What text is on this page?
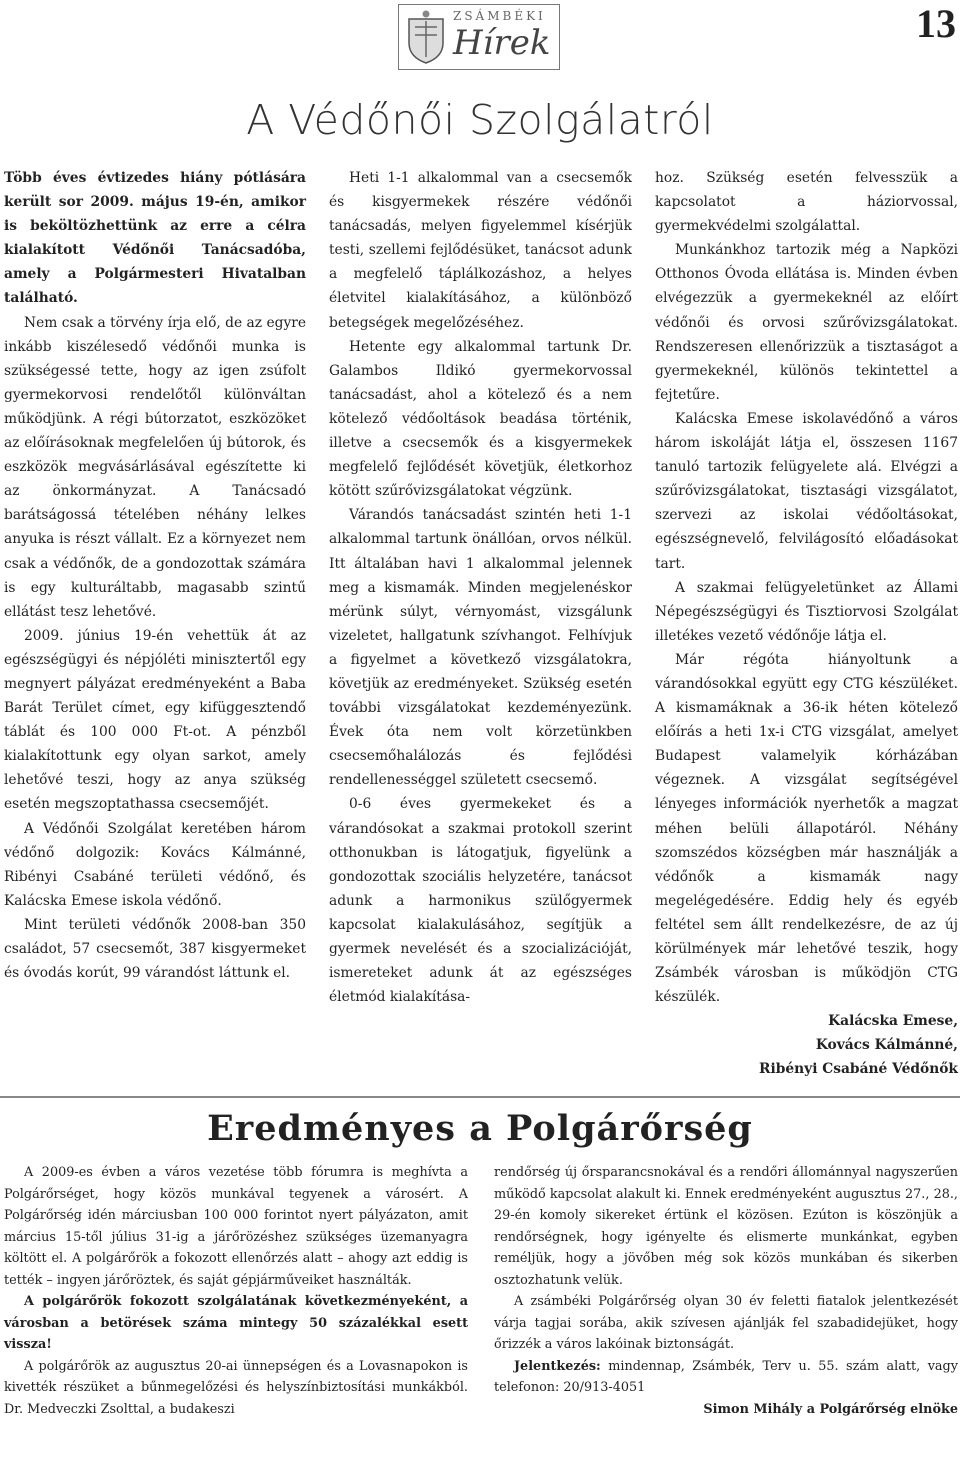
ZSÁMBÉKI
Hírek	13
A Védőnői Szolgálatról

Több éves évtizedes hiány pótlására került sor 2009. május 19-én, amikor is beköltözhettünk az erre a célra kialakított Védőnői Tanácsadóba, amely a Polgármesteri Hivatalban található.

Nem csak a törvény írja elő, de az egyre inkább kiszélesedő védőnői munka is szükségessé tette, hogy az igen zsúfolt gyermekorvosi rendelőtől különváltan működjünk. A régi bútorzatot, eszközöket az előírásoknak megfelelően új bútorok, és eszközök megvásárlásával egészítette ki az önkormányzat. A Tanácsadó barátságossá tételében néhány lelkes anyuka is részt vállalt. Ez a környezet nem csak a védőnők, de a gondozottak számára is egy kulturáltabb, magasabb szintű ellátást tesz lehetővé.

2009. június 19-én vehettük át az egészségügyi és népjóléti minisztertől egy megnyert pályázat eredményeként a Baba Barát Terület címet, egy kifüggesztendő táblát és 100 000 Ft-ot. A pénzből kialakítottunk egy olyan sarkot, amely lehetővé teszi, hogy az anya szükség esetén megszoptathassa csecsemőjét.

A Védőnői Szolgálat keretében három védőnő dolgozik: Kovács Kálmánné, Ribényi Csabáné területi védőnő, és Kalácska Emese iskola védőnő.

Mint területi védőnők 2008-ban 350 családot, 57 csecsemőt, 387 kisgyermeket és óvodás korút, 99 várandóst láttunk el.

Heti 1-1 alkalommal van a csecsemők és kisgyermekek részére védőnői tanácsadás, melyen figyelemmel kísérjük testi, szellemi fejlődésüket, tanácsot adunk a megfelelő táplálkozáshoz, a helyes életvitel kialakításához, a különböző betegségek megelőzéséhez.

Hetente egy alkalommal tartunk Dr. Galambos Ildikó gyermekorvossal tanácsadást, ahol a kötelező és a nem kötelező védőoltások beadása történik, illetve a csecsemők és a kisgyermekek megfelelő fejlődését követjük, életkorhoz kötött szűrővizsgálatokat végzünk.

Várandós tanácsadást szintén heti 1-1 alkalommal tartunk önállóan, orvos nélkül. Itt általában havi 1 alkalommal jelennek meg a kismamák. Minden megjelenéskor mérünk súlyt, vérnyomást, vizsgálunk vizeletet, hallgatunk szívhangot. Felhívjuk a figyelmet a következő vizsgálatokra, követjük az eredményeket. Szükség esetén további vizsgálatokat kezdeményezünk. Évek óta nem volt körzetünkben csecsemőhalálozás és fejlődési rendellenességgel született csecsemő.

0-6 éves gyermekeket és a várandósokat a szakmai protokoll szerint otthonukban is látogatjuk, figyelünk a gondozottak szociális helyzetére, tanácsot adunk a harmonikus szülőgyermek kapcsolat kialakulásához, segítjük a gyermek nevelését és a szocializációját, ismereteket adunk át az egészséges életmód kialakítása-

hoz. Szükség esetén felvesszük a kapcsolatot a háziorvossal, gyermekvédelmi szolgálattal.

Munkánkhoz tartozik még a Napközi Otthonos Óvoda ellátása is. Minden évben elvégezzük a gyermekeknél az előírt védőnői és orvosi szűrővizsgálatokat. Rendszeresen ellenőrizzük a tisztaságot a gyermekeknél, különös tekintettel a fejtetűre.

Kalácska Emese iskolavédőnő a város három iskoláját látja el, összesen 1167 tanuló tartozik felügyelete alá. Elvégzi a szűrővizsgálatokat, tisztasági vizsgálatot, szervezi az iskolai védőoltásokat, egészségnevelő, felvilágosító előadásokat tart.

A szakmai felügyeletünket az Állami Népegészségügyi és Tisztiorvosi Szolgálat illetékes vezető védőnője látja el.

Már régóta hiányoltunk a várandósokkal együtt egy CTG készüléket. A kismamáknak a 36-ik héten kötelező előírás a heti 1x-i CTG vizsgálat, amelyet Budapest valamelyik kórházában végeznek. A vizsgálat segítségével lényeges információk nyerhetők a magzat méhen belüli állapotáról. Néhány szomszédos községben már használják a védőnők a kismamák nagy megelégedésére. Eddig hely és egyéb feltétel sem állt rendelkezésre, de az új körülmények már lehetővé teszik, hogy Zsámbék városban is működjön CTG készülék.

Kalácska Emese,

Kovács Kálmánné,

Ribényi Csabáné Védőnők

Eredményes a Polgárőrség

A 2009-es évben a város vezetése több fórumra is meghívta a Polgárőrséget, hogy közös munkával tegyenek a városért. A Polgárőrség idén márciusban 100 000 forintot nyert pályázaton, amit március 15-től július 31-ig a járőrözéshez szükséges üzemanyagra költött el. A polgárőrök a fokozott ellenőrzés alatt – ahogy azt eddig is tették – ingyen járőröztek, és saját gépjárműveiket használták.

A polgárőrök fokozott szolgálatának következményeként, a városban a betörések száma mintegy 50 százalékkal esett vissza!

A polgárőrök az augusztus 20-ai ünnepségen és a Lovasnapokon is kivették részüket a bűnmegelőzési és helyszínbiztosítási munkákból. Dr. Medveczki Zsolttal, a budakeszi

rendőrség új őrsparancsnokával és a rendőri állománnyal nagyszerűen működő kapcsolat alakult ki. Ennek eredményeként augusztus 27., 28., 29-én komoly sikereket értünk el közösen. Ezúton is köszönjük a rendőrségnek, hogy igényelte és elismerte munkánkat, egyben reméljük, hogy a jövőben még sok közös munkában és sikerben osztozhatunk velük.

A zsámbéki Polgárőrség olyan 30 év feletti fiatalok jelentkezését várja tagjai sorába, akik szívesen ajánlják fel szabadidejüket, hogy őrizzék a város lakóinak biztonságát.

Jelentkezés: mindennap, Zsámbék, Terv u. 55. szám alatt, vagy telefonon: 20/913-4051

Simon Mihály a Polgárőrség elnöke
